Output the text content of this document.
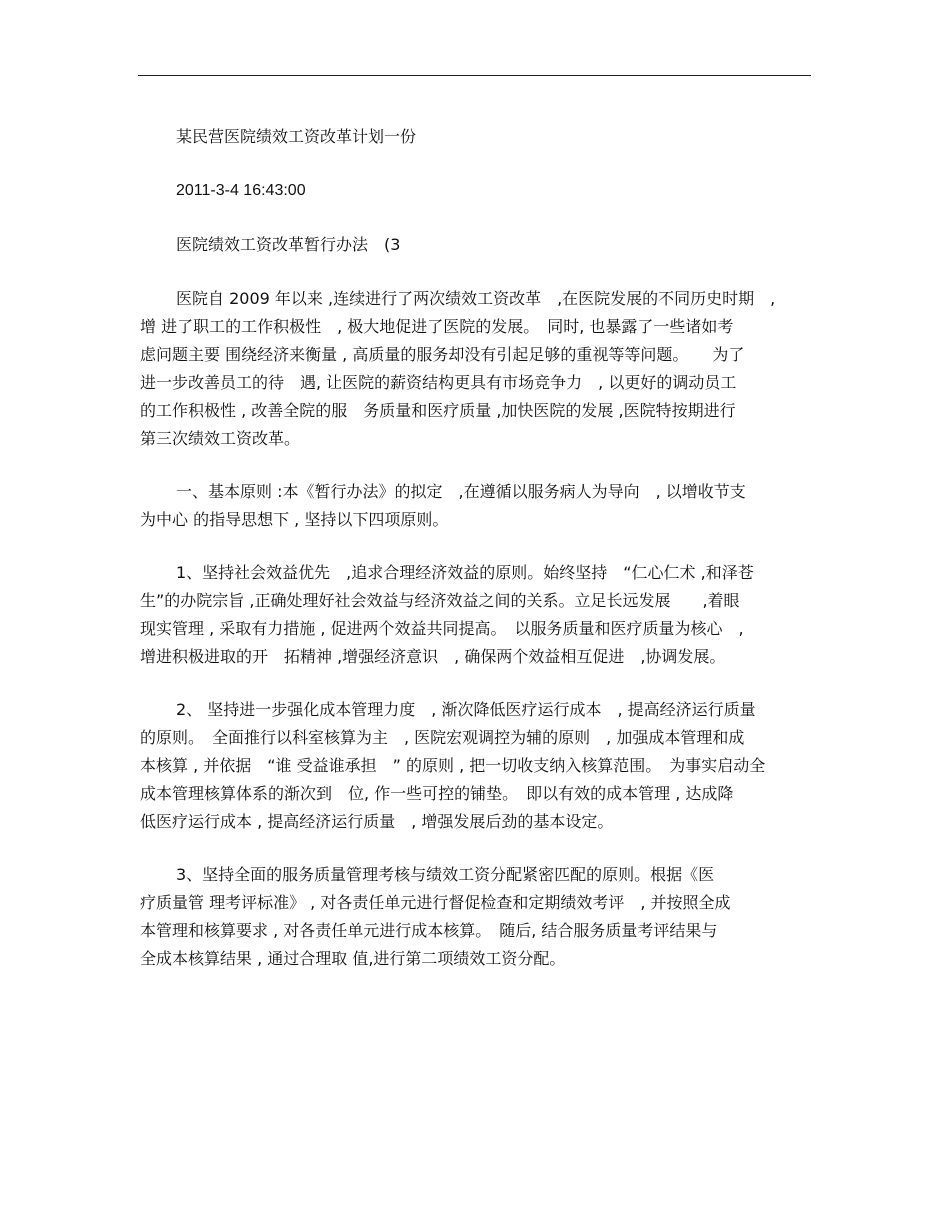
某民营医院绩效工资改革计划一份
2011-3-4 16:43:00
医院绩效工资改革暂行办法　(3
医院自 2009 年以来 ,连续进行了两次绩效工资改革　,在医院发展的不同历史时期　,
增 进了职工的工作积极性　, 极大地促进了医院的发展。　同时, 也暴露了一些诸如考
虑问题主要 围绕经济来衡量 , 高质量的服务却没有引起足够的重视等等问题。　　为了
进一步改善员工的待　遇, 让医院的薪资结构更具有市场竞争力　, 以更好的调动员工
的工作积极性 , 改善全院的服　务质量和医疗质量 ,加快医院的发展 ,医院特按期进行
第三次绩效工资改革。
一、基本原则 :本《暂行办法》的拟定　,在遵循以服务病人为导向　, 以增收节支
为中心 的指导思想下 , 坚持以下四项原则。
1、坚持社会效益优先　,追求合理经济效益的原则。始终坚持　“仁心仁术 ,和泽苍
生”的办院宗旨 ,正确处理好社会效益与经济效益之间的关系。立足长远发展　　,着眼
现实管理 , 采取有力措施 , 促进两个效益共同提高。　以服务质量和医疗质量为核心　,
增进积极进取的开　拓精神 ,增强经济意识　, 确保两个效益相互促进　,协调发展。
2、 坚持进一步强化成本管理力度　, 渐次降低医疗运行成本　, 提高经济运行质量
的原则。　全面推行以科室核算为主　, 医院宏观调控为辅的原则　, 加强成本管理和成
本核算 , 并依据　“谁 受益谁承担　” 的原则 , 把一切收支纳入核算范围。　为事实启动全
成本管理核算体系的渐次到　位, 作一些可控的铺垫。　即以有效的成本管理 , 达成降
低医疗运行成本 , 提高经济运行质量　, 增强发展后劲的基本设定。
3、坚持全面的服务质量管理考核与绩效工资分配紧密匹配的原则。根据《医
疗质量管 理考评标准》 , 对各责任单元进行督促检查和定期绩效考评　, 并按照全成
本管理和核算要求 , 对各责任单元进行成本核算。　随后, 结合服务质量考评结果与
全成本核算结果 , 通过合理取 值,进行第二项绩效工资分配。
